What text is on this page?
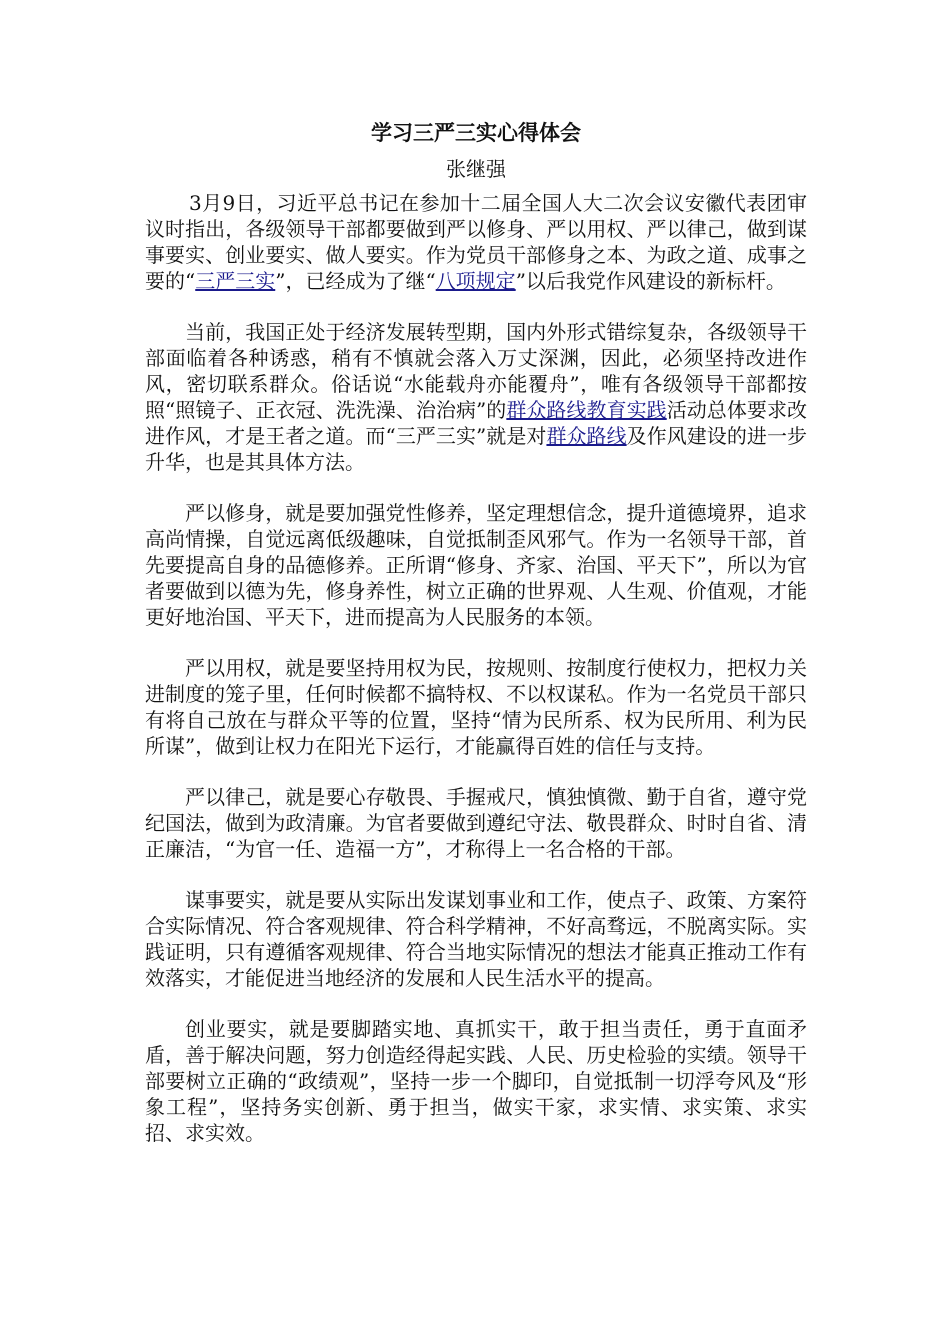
学习三严三实心得体会

张继强

3月9日，习近平总书记在参加十二届全国人大二次会议安徽代表团审议时指出，各级领导干部都要做到严以修身、严以用权、严以律己，做到谋事要实、创业要实、做人要实。作为党员干部修身之本、为政之道、成事之要的“三严三实”，已经成为了继“八项规定”以后我党作风建设的新标杆。

当前，我国正处于经济发展转型期，国内外形式错综复杂，各级领导干部面临着各种诱惑，稍有不慎就会落入万丈深渊，因此，必须坚持改进作风，密切联系群众。俗话说“水能载舟亦能覆舟”，唯有各级领导干部都按照“照镜子、正衣冠、洗洗澡、治治病”的群众路线教育实践活动总体要求改进作风，才是王者之道。而“三严三实”就是对群众路线及作风建设的进一步升华，也是其具体方法。

严以修身，就是要加强党性修养，坚定理想信念，提升道德境界，追求高尚情操，自觉远离低级趣味，自觉抵制歪风邪气。作为一名领导干部，首先要提高自身的品德修养。正所谓“修身、齐家、治国、平天下”，所以为官者要做到以德为先，修身养性，树立正确的世界观、人生观、价值观，才能更好地治国、平天下，进而提高为人民服务的本领。

严以用权，就是要坚持用权为民，按规则、按制度行使权力，把权力关进制度的笼子里，任何时候都不搞特权、不以权谋私。作为一名党员干部只有将自己放在与群众平等的位置，坚持“情为民所系、权为民所用、利为民所谋”，做到让权力在阳光下运行，才能赢得百姓的信任与支持。

严以律己，就是要心存敬畏、手握戒尺，慎独慎微、勤于自省，遵守党纪国法，做到为政清廉。为官者要做到遵纪守法、敬畏群众、时时自省、清正廉洁，“为官一任、造福一方”，才称得上一名合格的干部。

谋事要实，就是要从实际出发谋划事业和工作，使点子、政策、方案符合实际情况、符合客观规律、符合科学精神，不好高骛远，不脱离实际。实践证明，只有遵循客观规律、符合当地实际情况的想法才能真正推动工作有效落实，才能促进当地经济的发展和人民生活水平的提高。

创业要实，就是要脚踏实地、真抓实干，敢于担当责任，勇于直面矛盾，善于解决问题，努力创造经得起实践、人民、历史检验的实绩。领导干部要树立正确的“政绩观”，坚持一步一个脚印，自觉抵制一切浮夸风及“形象工程”，坚持务实创新、勇于担当，做实干家，求实情、求实策、求实招、求实效。
